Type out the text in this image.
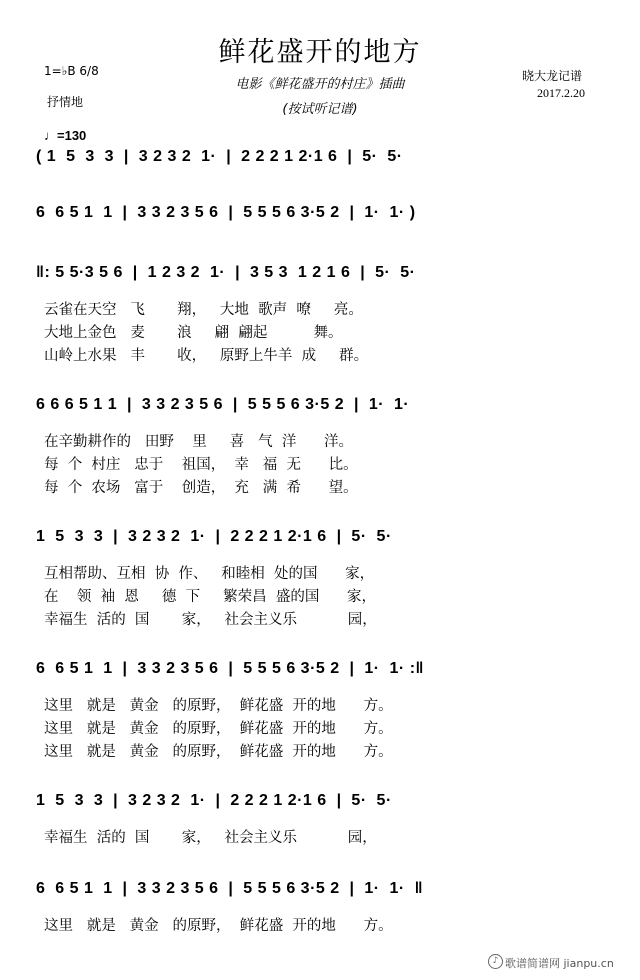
鲜花盛开的地方
电影《鲜花盛开的村庄》插曲
(按试听记谱)
1=♭B 6/8
抒情地
晓大龙记谱
2017.2.20
♩=130
( 1  5  3  3  |  3 2 3 2  1·  |  2 2 2 1 2·1 6  |  5·  5·
6  6 5 1  1  |  3 3 2 3 5 6  |  5 5 5 6 3·5 2  |  1·  1· )
‖: 5 5·3 5 6  |  1 2 3 2  1·  |  3 5 3  1 2 1 6  |  5·  5·
云雀在天空   飞       翔，   大地  歌声  嘹     亮。
大地上金色   麦       浪     翩  翩起          舞。
山岭上水果   丰       收，   原野上牛羊  成     群。
6 6 6 5 1 1  |  3 3 2 3 5 6  |  5 5 5 6 3·5 2  |  1·  1·
在辛勤耕作的   田野    里     喜   气  洋      洋。
每  个  村庄   忠于    祖国，  幸   福  无      比。
每  个  农场   富于    创造，  充   满  希      望。
1  5  3  3  |  3 2 3 2  1·  |  2 2 2 1 2·1 6  |  5·  5·
互相帮助、互相  协  作、   和睦相  处的国      家，
在    领  袖  恩     德  下     繁荣昌  盛的国      家，
幸福生  活的  国       家，   社会主义乐           园，
6  6 5 1  1  |  3 3 2 3 5 6  |  5 5 5 6 3·5 2  |  1·  1· :‖
这里   就是   黄金   的原野，  鲜花盛  开的地      方。
这里   就是   黄金   的原野，  鲜花盛  开的地      方。
这里   就是   黄金   的原野，  鲜花盛  开的地      方。
1  5  3  3  |  3 2 3 2  1·  |  2 2 2 1 2·1 6  |  5·  5·
幸福生  活的  国       家，   社会主义乐           园，
6  6 5 1  1  |  3 3 2 3 5 6  |  5 5 5 6 3·5 2  |  1·  1·  ‖
这里   就是   黄金   的原野，  鲜花盛  开的地      方。
♪ 歌谱简谱网 jianpu.cn
